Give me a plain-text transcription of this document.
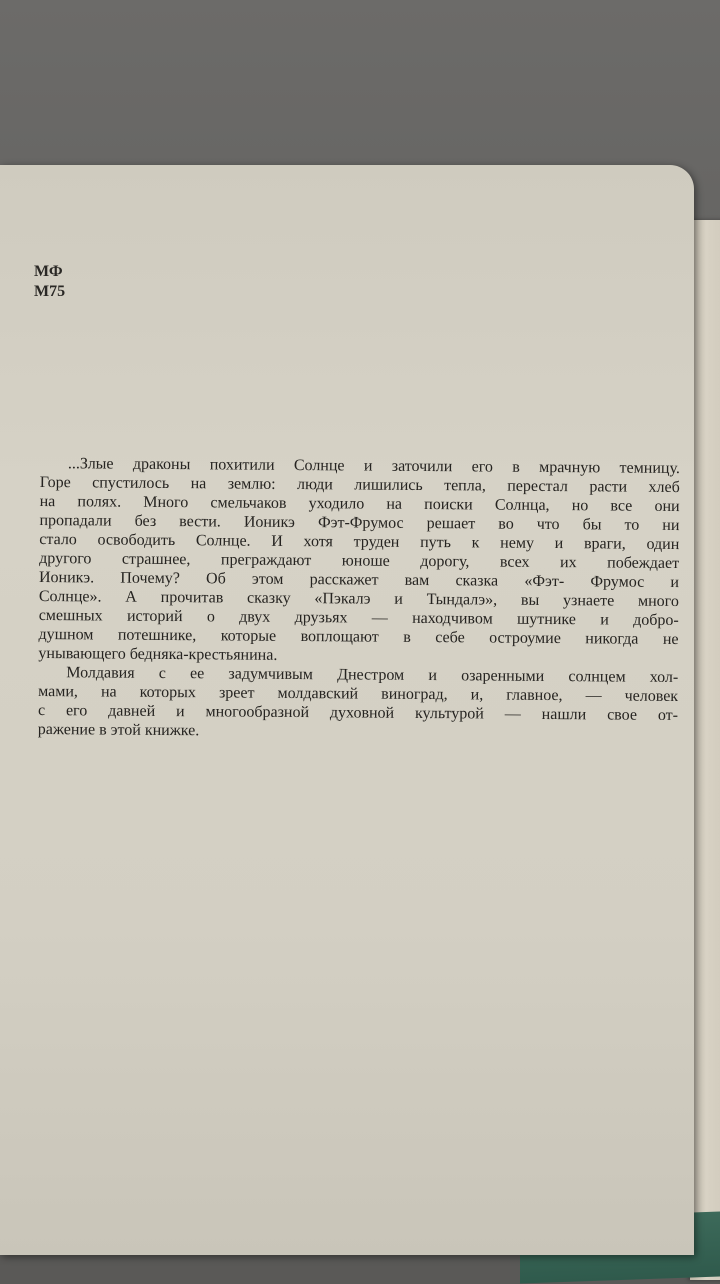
МФ
M75
...Злые драконы похитили Солнце и заточили его в мрачную темницу.
Горе спустилось на землю: люди лишились тепла, перестал расти хлеб
на полях. Много смельчаков уходило на поиски Солнца, но все они
пропадали без вести. Ионикэ Фэт-Фрумос решает во что бы то ни
стало освободить Солнце. И хотя труден путь к нему и враги, один
другого страшнее, преграждают юноше дорогу, всех их побеждает
Ионикэ. Почему? Об этом расскажет вам сказка «Фэт- Фрумос и
Солнце». А прочитав сказку «Пэкалэ и Тындалэ», вы узнаете много
смешных историй о двух друзьях — находчивом шутнике и добро-
душном потешнике, которые воплощают в себе остроумие никогда не
унывающего бедняка-крестьянина.
Молдавия с ее задумчивым Днестром и озаренными солнцем хол-
мами, на которых зреет молдавский виноград, и, главное, — человек
с его давней и многообразной духовной культурой — нашли свое от-
ражение в этой книжке.
